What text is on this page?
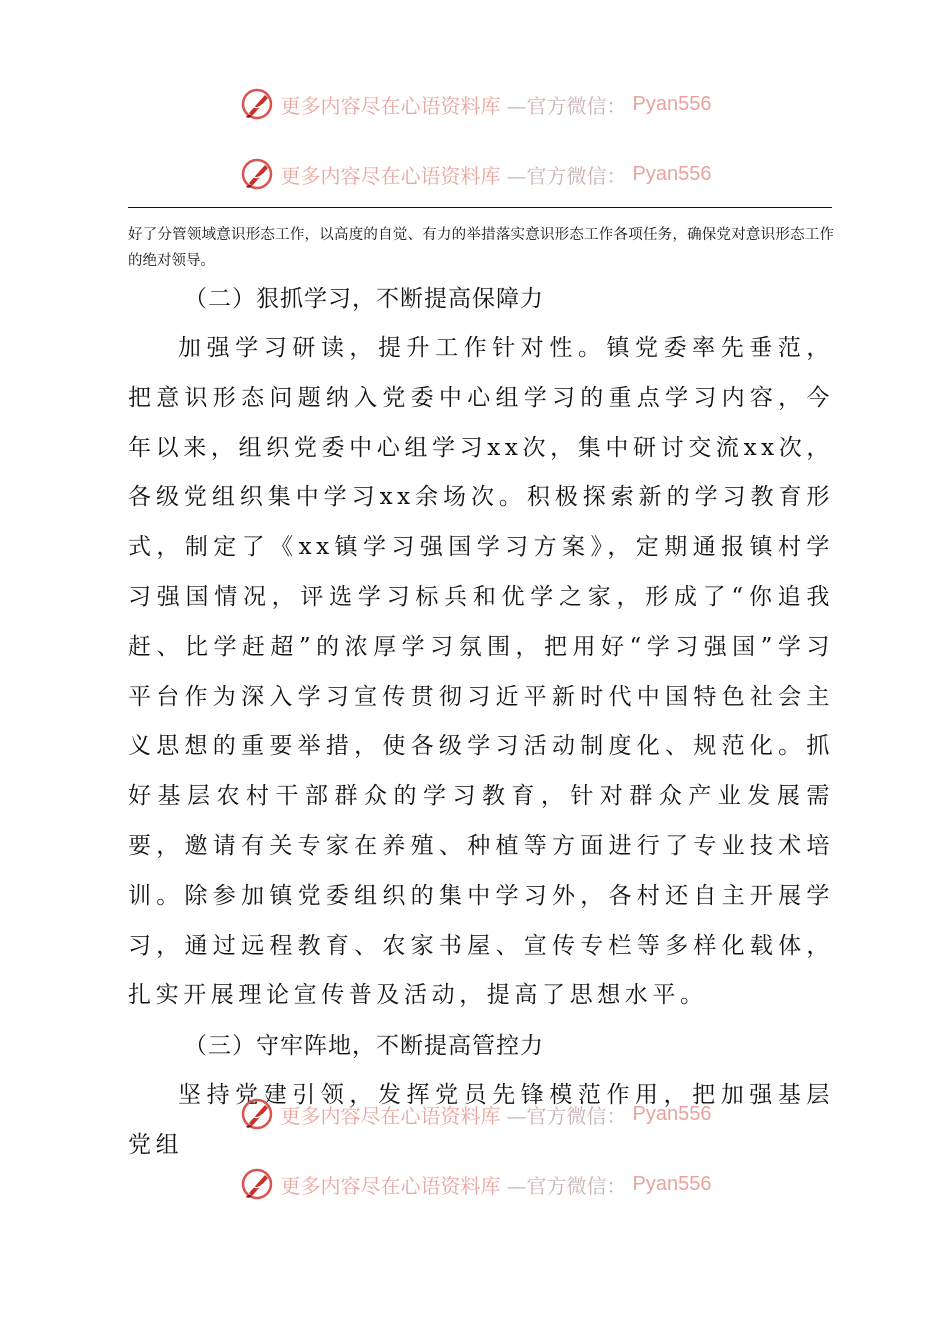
更多内容尽在心语资料库 —官方微信： Pyan556
更多内容尽在心语资料库 —官方微信： Pyan556
好了分管领域意识形态工作，以高度的自觉、有力的举措落实意识形态工作各项任务，确保党对意识形态工作的绝对领导。
（二）狠抓学习，不断提高保障力

加强学习研读，提升工作针对性。镇党委率先垂范，把意识形态问题纳入党委中心组学习的重点学习内容，今年以来，组织党委中心组学习xx次，集中研讨交流xx次，各级党组织集中学习xx余场次。积极探索新的学习教育形式，制定了《xx镇学习强国学习方案》，定期通报镇村学习强国情况，评选学习标兵和优学之家，形成了“你追我赶、比学赶超”的浓厚学习氛围，把用好“学习强国”学习平台作为深入学习宣传贯彻习近平新时代中国特色社会主义思想的重要举措，使各级学习活动制度化、规范化。抓好基层农村干部群众的学习教育，针对群众产业发展需要，邀请有关专家在养殖、种植等方面进行了专业技术培训。除参加镇党委组织的集中学习外，各村还自主开展学习，通过远程教育、农家书屋、宣传专栏等多样化载体，扎实开展理论宣传普及活动，提高了思想水平。

（三）守牢阵地，不断提高管控力

坚持党建引领，发挥党员先锋模范作用，把加强基层党组

更多内容尽在心语资料库 —官方微信： Pyan556
更多内容尽在心语资料库 —官方微信： Pyan556
